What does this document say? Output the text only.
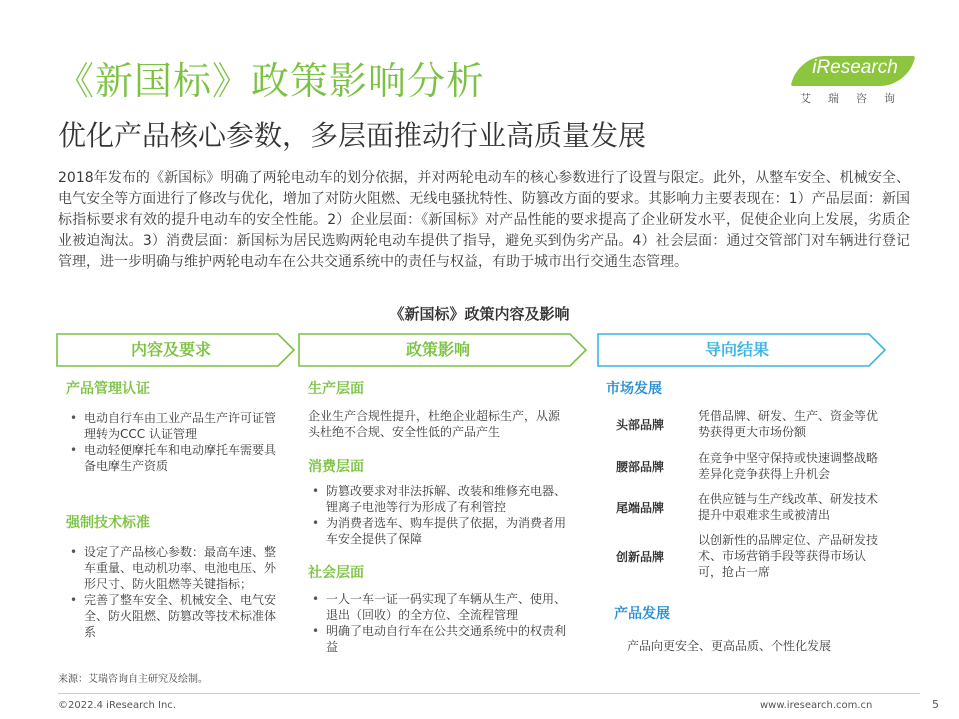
《新国标》政策影响分析
优化产品核心参数，多层面推动行业高质量发展
iResearch
艾瑞咨询
2018年发布的《新国标》明确了两轮电动车的划分依据，并对两轮电动车的核心参数进行了设置与限定。此外，从整车安全、机械安全、电气安全等方面进行了修改与优化，增加了对防火阻燃、无线电骚扰特性、防篡改方面的要求。其影响力主要表现在：1）产品层面：新国标指标要求有效的提升电动车的安全性能。2）企业层面：《新国标》对产品性能的要求提高了企业研发水平，促使企业向上发展，劣质企业被迫淘汰。3）消费层面：新国标为居民选购两轮电动车提供了指导，避免买到伪劣产品。4）社会层面：通过交管部门对车辆进行登记管理，进一步明确与维护两轮电动车在公共交通系统中的责任与权益，有助于城市出行交通生态管理。
《新国标》政策内容及影响
内容及要求	政策影响	导向结果
产品管理认证
• 电动自行车由工业产品生产许可证管理转为CCC 认证管理
• 电动轻便摩托车和电动摩托车需要具备电摩生产资质
强制技术标准
• 设定了产品核心参数：最高车速、整车重量、电动机功率、电池电压、外形尺寸、防火阻燃等关键指标；
• 完善了整车安全、机械安全、电气安全、防火阻燃、防篡改等技术标准体系
生产层面
企业生产合规性提升，杜绝企业超标生产，从源头杜绝不合规、安全性低的产品产生
消费层面
• 防篡改要求对非法拆解、改装和维修充电器、锂离子电池等行为形成了有利管控
• 为消费者选车、购车提供了依据，为消费者用车安全提供了保障
社会层面
• 一人一车一证一码实现了车辆从生产、使用、退出（回收）的全方位、全流程管理
• 明确了电动自行车在公共交通系统中的权责利益
市场发展
头部品牌
凭借品牌、研发、生产、资金等优势获得更大市场份额
腰部品牌
在竞争中坚守保持或快速调整战略差异化竞争获得上升机会
尾端品牌
在供应链与生产线改革、研发技术提升中艰难求生或被清出
创新品牌
以创新性的品牌定位、产品研发技术、市场营销手段等获得市场认可，抢占一席
产品发展
产品向更安全、更高品质、个性化发展
来源：艾瑞咨询自主研究及绘制。
©2022.4 iResearch Inc.	www.iresearch.com.cn	5
